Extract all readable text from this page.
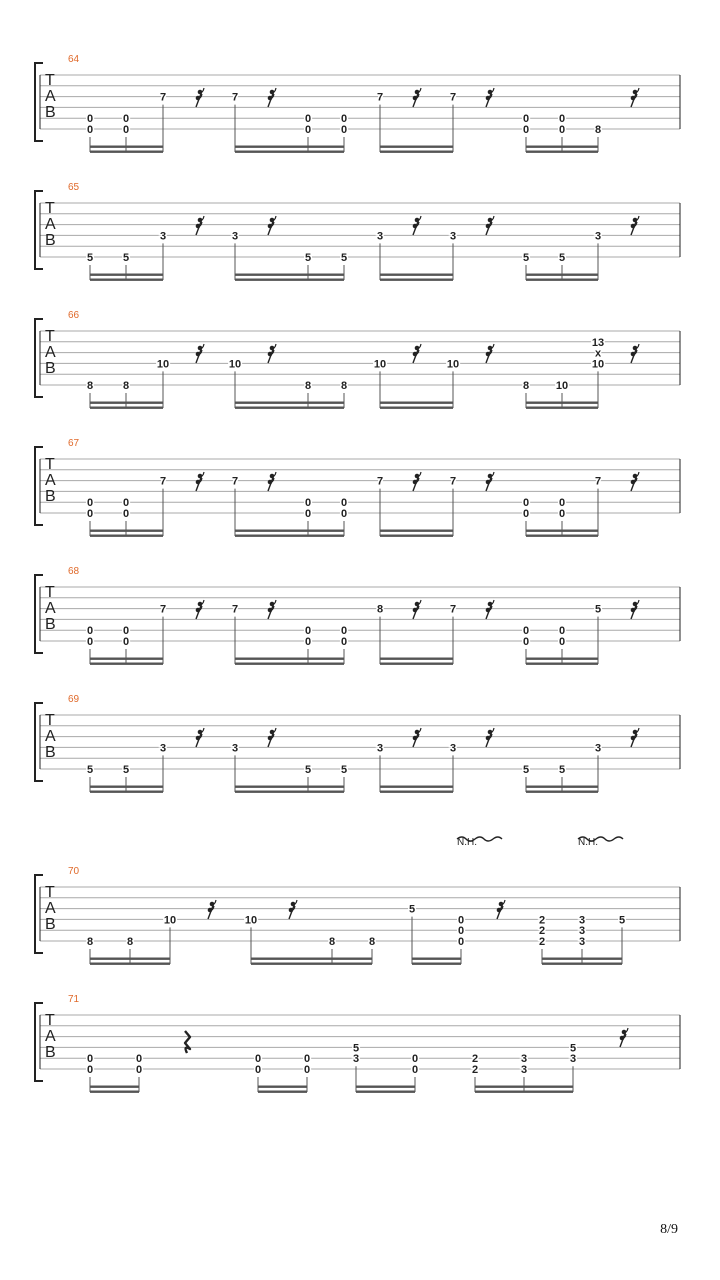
64
T
A
B	0
0
0
0
7	7
0
0
0
0
7	7
0
0
0
0	8
65
T
A
B
5	5
3	3
5	5
3	3
5	5
3
66
T
A
B
8	8
10	10
8	8
10	10
8 10
13
x
10
67
T
A
B	0
0
0
0
7	7
0
0
0
0
7	7
0
0
0
0
7
68
T
A
B	0
0
0
0
7	7
0
0
0
0
8	7
0
0
0
0
5
69
T
A
B
5	5
3	3
5	5
3	3
5	5
3
70
T
A
B
8	8
10	10
8	8
5
0
0
0
N.H.
2
2
2
3
3
3
N.H.
5
71
T
A
B	0
0
0
0
0
0
0
0
5
3	0
0
2
2
3
3
5
3
8/9
